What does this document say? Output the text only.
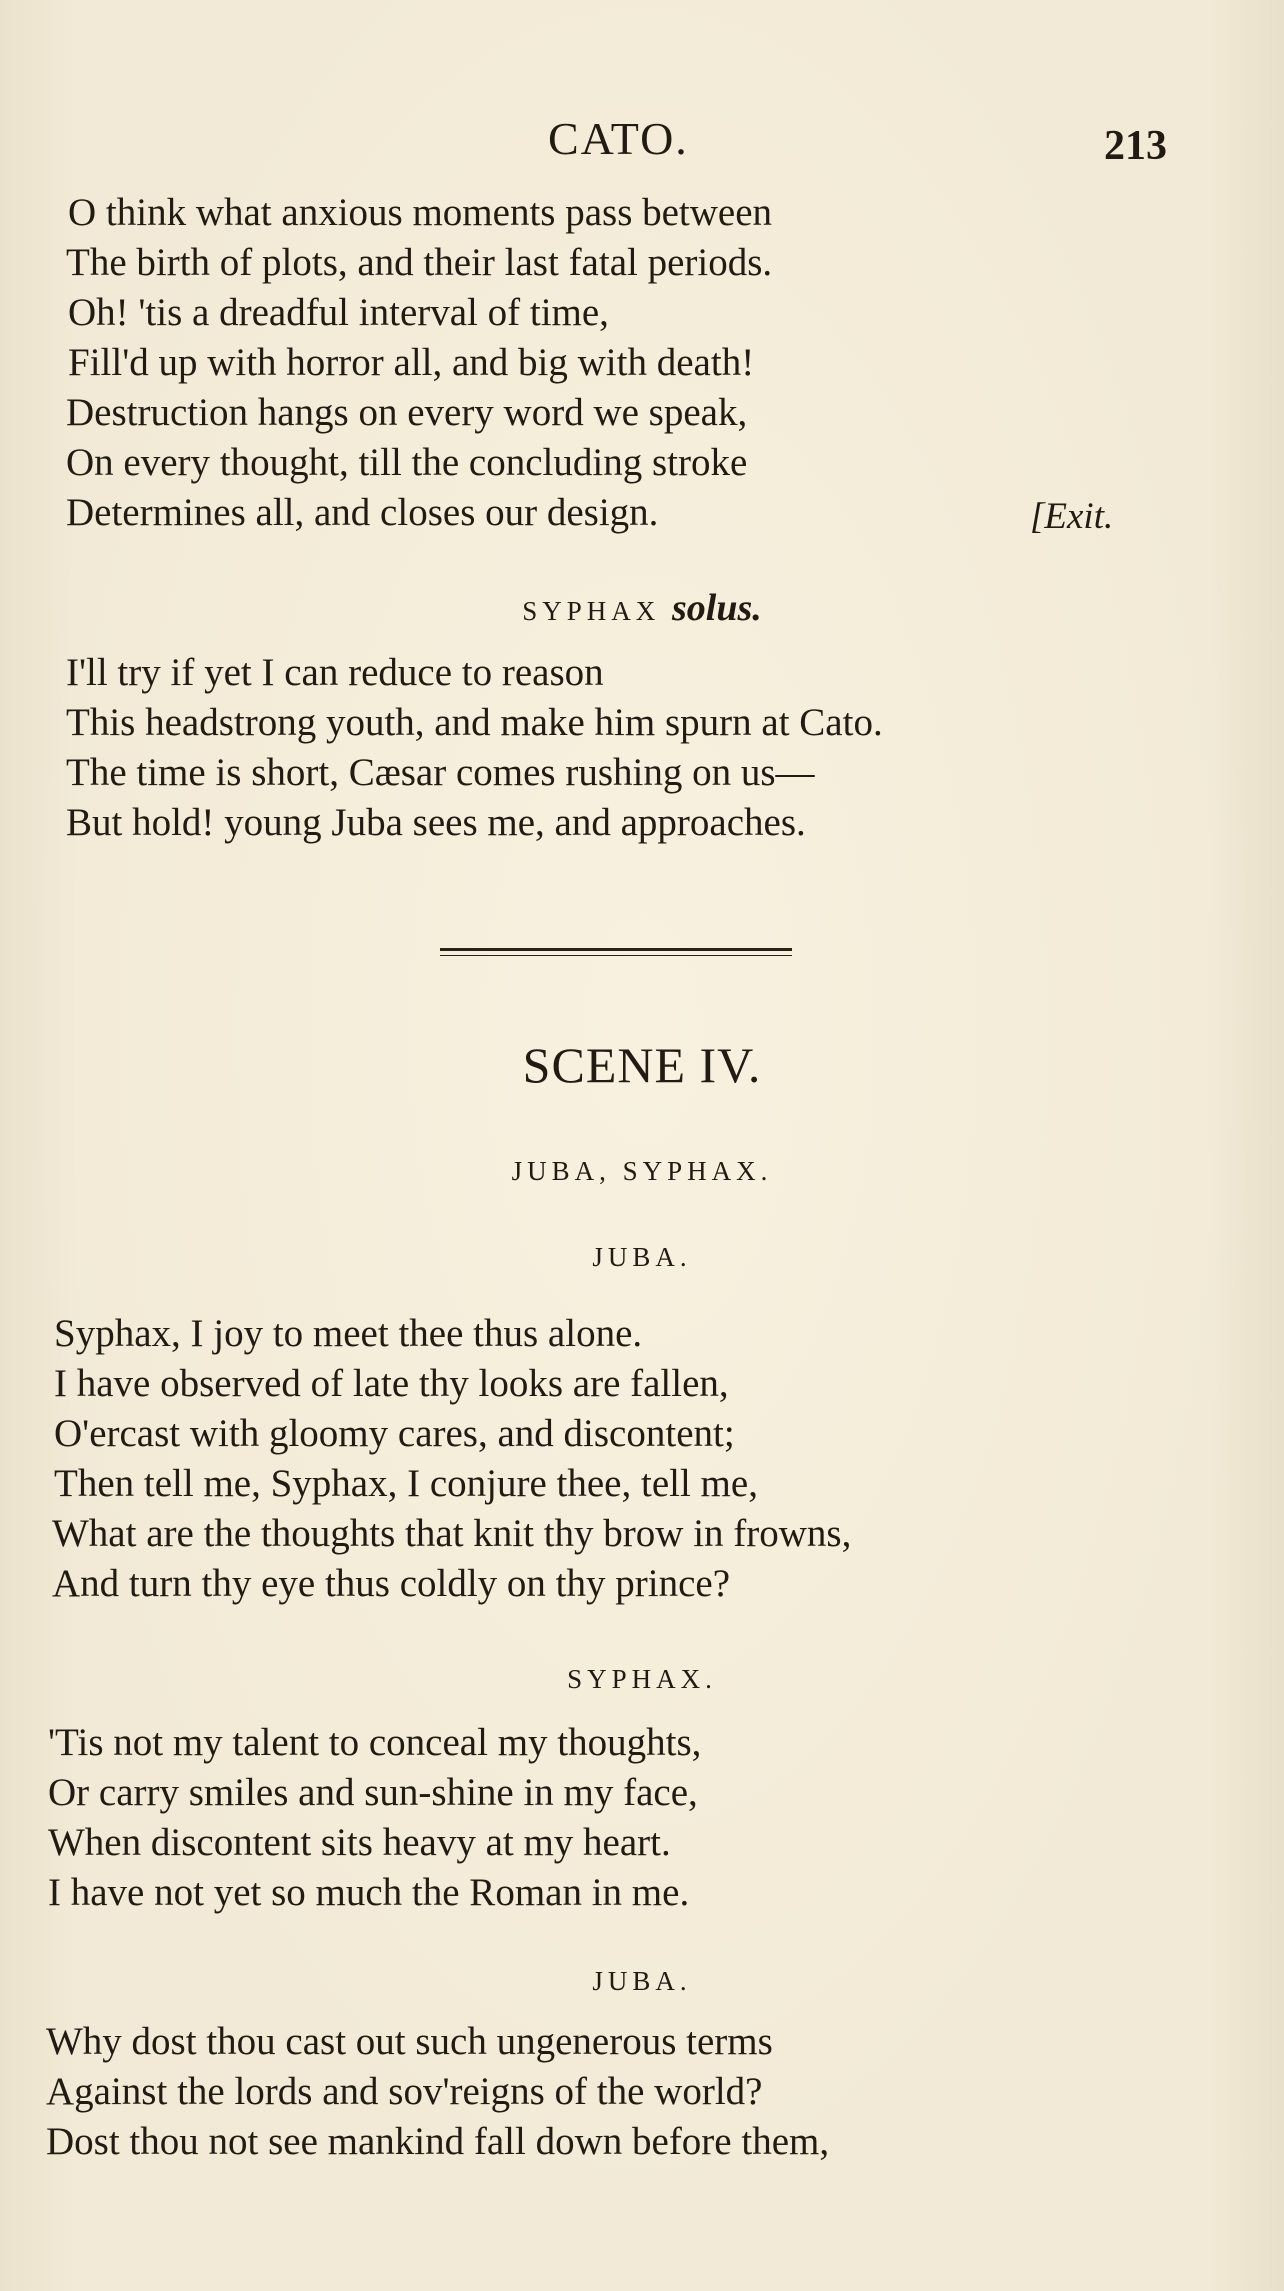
CATO.	213
O think what anxious moments pass between
The birth of plots, and their last fatal periods.
Oh! 'tis a dreadful interval of time,
Fill'd up with horror all, and big with death!
Destruction hangs on every word we speak,
On every thought, till the concluding stroke
Determines all, and closes our design.	[Exit.
SYPHAX solus.
I'll try if yet I can reduce to reason
This headstrong youth, and make him spurn at Cato.
The time is short, Cæsar comes rushing on us—
But hold! young Juba sees me, and approaches.
SCENE IV.
JUBA, SYPHAX.
JUBA.
Syphax, I joy to meet thee thus alone.
I have observed of late thy looks are fallen,
O'ercast with gloomy cares, and discontent;
Then tell me, Syphax, I conjure thee, tell me,
What are the thoughts that knit thy brow in frowns,
And turn thy eye thus coldly on thy prince?
SYPHAX.
'Tis not my talent to conceal my thoughts,
Or carry smiles and sun-shine in my face,
When discontent sits heavy at my heart.
I have not yet so much the Roman in me.
JUBA.
Why dost thou cast out such ungenerous terms
Against the lords and sov'reigns of the world?
Dost thou not see mankind fall down before them,
